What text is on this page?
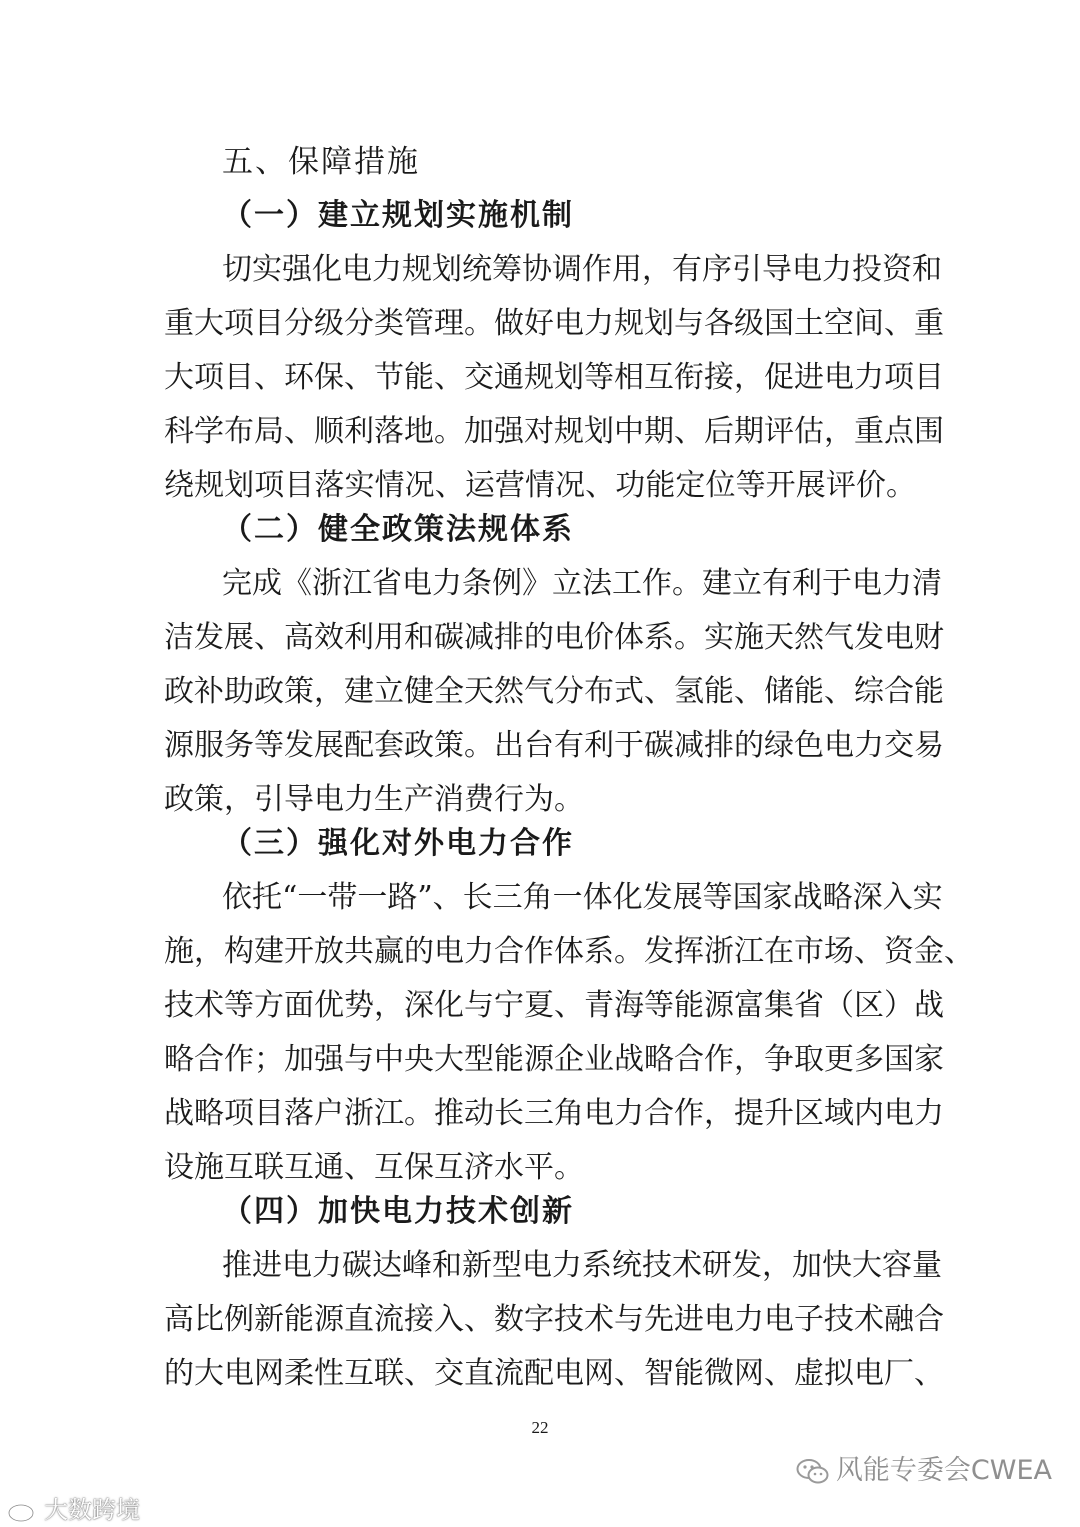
五、保障措施
（一）建立规划实施机制
切实强化电力规划统筹协调作用，有序引导电力投资和
重大项目分级分类管理。做好电力规划与各级国土空间、重
大项目、环保、节能、交通规划等相互衔接，促进电力项目
科学布局、顺利落地。加强对规划中期、后期评估，重点围
绕规划项目落实情况、运营情况、功能定位等开展评价。
（二）健全政策法规体系
完成《浙江省电力条例》立法工作。建立有利于电力清
洁发展、高效利用和碳减排的电价体系。实施天然气发电财
政补助政策，建立健全天然气分布式、氢能、储能、综合能
源服务等发展配套政策。出台有利于碳减排的绿色电力交易
政策，引导电力生产消费行为。
（三）强化对外电力合作
依托“一带一路”、长三角一体化发展等国家战略深入实
施，构建开放共赢的电力合作体系。发挥浙江在市场、资金、
技术等方面优势，深化与宁夏、青海等能源富集省（区）战
略合作；加强与中央大型能源企业战略合作，争取更多国家
战略项目落户浙江。推动长三角电力合作，提升区域内电力
设施互联互通、互保互济水平。
（四）加快电力技术创新
推进电力碳达峰和新型电力系统技术研发，加快大容量
高比例新能源直流接入、数字技术与先进电力电子技术融合
的大电网柔性互联、交直流配电网、智能微网、虚拟电厂、
22
风能专委会CWEA
大数跨境
